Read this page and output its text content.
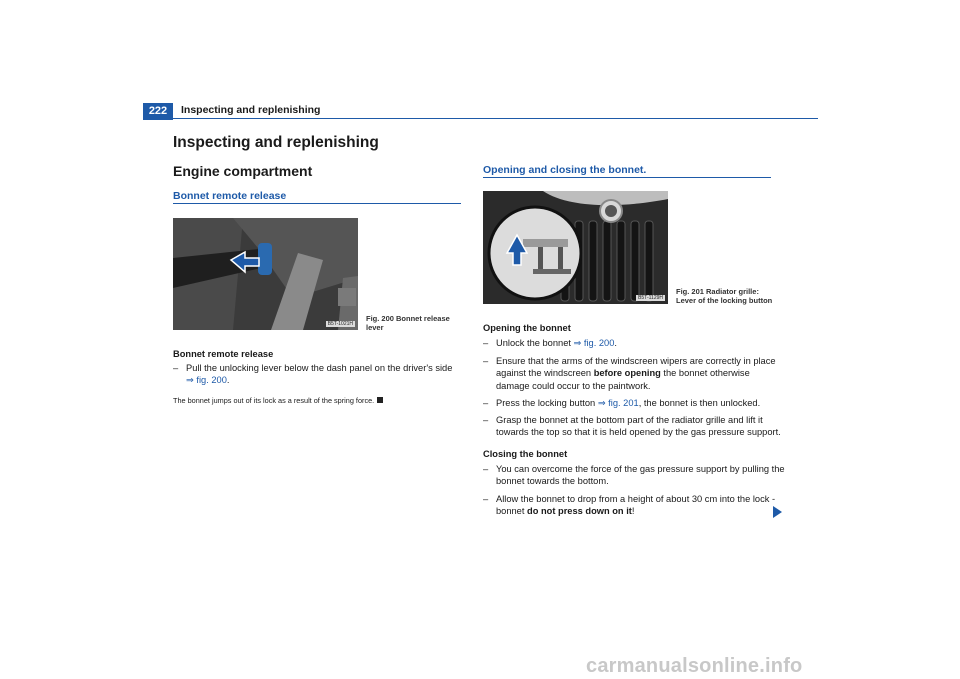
222	Inspecting and replenishing
Inspecting and replenishing
Engine compartment
Bonnet remote release
B5T-1021H
Fig. 200 Bonnet release
lever
Bonnet remote release
– Pull the unlocking lever below the dash panel on the driver's side
⇒ fig. 200.
The bonnet jumps out of its lock as a result of the spring force.
Opening and closing the bonnet.
B5T-1129H
Fig. 201 Radiator grille:
Lever of the locking button
Opening the bonnet
– Unlock the bonnet ⇒ fig. 200.
– Ensure that the arms of the windscreen wipers are correctly in place
against the windscreen before opening the bonnet otherwise
damage could occur to the paintwork.
– Press the locking button ⇒ fig. 201, the bonnet is then unlocked.
– Grasp the bonnet at the bottom part of the radiator grille and lift it
towards the top so that it is held opened by the gas pressure support.
Closing the bonnet
– You can overcome the force of the gas pressure support by pulling the
bonnet towards the bottom.
– Allow the bonnet to drop from a height of about 30 cm into the lock -
bonnet do not press down on it!
carmanualsonline.info
